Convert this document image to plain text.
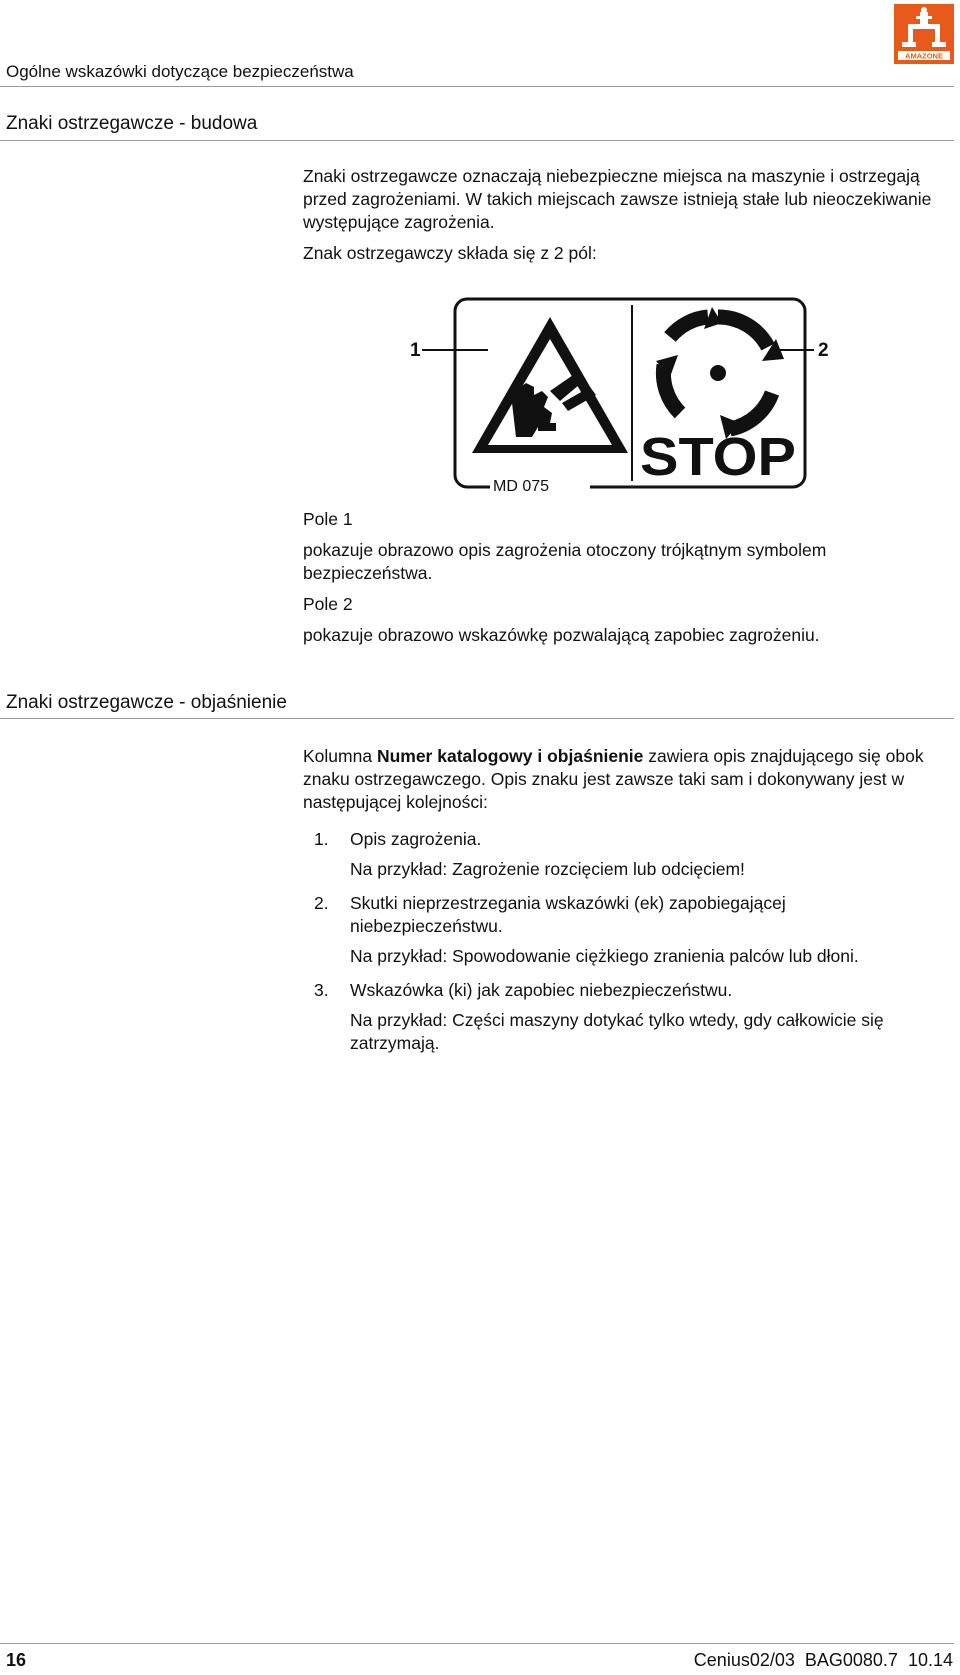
Ogólne wskazówki dotyczące bezpieczeństwa
AMAZONE
Znaki ostrzegawcze - budowa

Znaki ostrzegawcze oznaczają niebezpieczne miejsca na maszynie i ostrzegają przed zagrożeniami. W takich miejscach zawsze istnieją stałe lub nieoczekiwanie występujące zagrożenia.

Znak ostrzegawczy składa się z 2 pól:

1	2
STOP
MD 075

Pole 1

pokazuje obrazowo opis zagrożenia otoczony trójkątnym symbolem bezpieczeństwa.

Pole 2

pokazuje obrazowo wskazówkę pozwalającą zapobiec zagrożeniu.

Znaki ostrzegawcze - objaśnienie

Kolumna Numer katalogowy i objaśnienie zawiera opis znajdującego się obok znaku ostrzegawczego. Opis znaku jest zawsze taki sam i dokonywany jest w następującej kolejności:

1. Opis zagrożenia.
Na przykład: Zagrożenie rozcięciem lub odcięciem!
2. Skutki nieprzestrzegania wskazówki (ek) zapobiegającej niebezpieczeństwu.
Na przykład: Spowodowanie ciężkiego zranienia palców lub dłoni.
3. Wskazówka (ki) jak zapobiec niebezpieczeństwu.
Na przykład: Części maszyny dotykać tylko wtedy, gdy całkowicie się zatrzymają.
16	Cenius02/03  BAG0080.7  10.14
